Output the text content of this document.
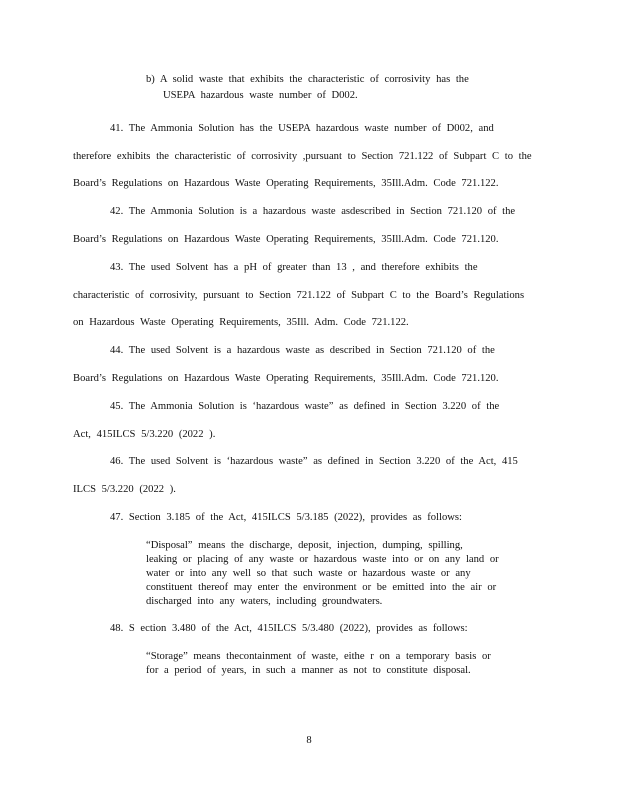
b) A solid waste that exhibits the characteristic of corrosivity has the
USEPA hazardous waste number of D002.
41. The Ammonia Solution has the USEPA hazardous waste number of D002, and
therefore exhibits the characteristic of corrosivity ,pursuant to Section 721.122 of Subpart C to the
Board’s Regulations on Hazardous Waste Operating Requirements, 35Ill.Adm. Code 721.122.
42. The Ammonia Solution is a hazardous waste asdescribed in Section 721.120 of the
Board’s Regulations on Hazardous Waste Operating Requirements, 35Ill.Adm. Code 721.120.
43. The used Solvent has a pH of greater than 13 , and therefore exhibits the
characteristic of corrosivity, pursuant to Section 721.122 of Subpart C to the Board’s Regulations
on Hazardous Waste Operating Requirements, 35Ill. Adm. Code 721.122.
44. The used Solvent is a hazardous waste as described in Section 721.120 of the
Board’s Regulations on Hazardous Waste Operating Requirements, 35Ill.Adm. Code 721.120.
45. The Ammonia Solution is ‘hazardous waste” as defined in Section 3.220 of the
Act, 415ILCS 5/3.220 (2022 ).
46. The used Solvent is ‘hazardous waste” as defined in Section 3.220 of the Act, 415
ILCS 5/3.220 (2022 ).
47. Section 3.185 of the Act, 415ILCS 5/3.185 (2022), provides as follows:
“Disposal” means the discharge, deposit, injection, dumping, spilling,
leaking or placing of any waste or hazardous waste into or on any land or
water or into any well so that such waste or hazardous waste or any
constituent thereof may enter the environment or be emitted into the air or
discharged into any waters, including groundwaters.
48. S ection 3.480 of the Act, 415ILCS 5/3.480 (2022), provides as follows:
“Storage” means thecontainment of waste, eithe r on a temporary basis or
for a period of years, in such a manner as not to constitute disposal.
8
